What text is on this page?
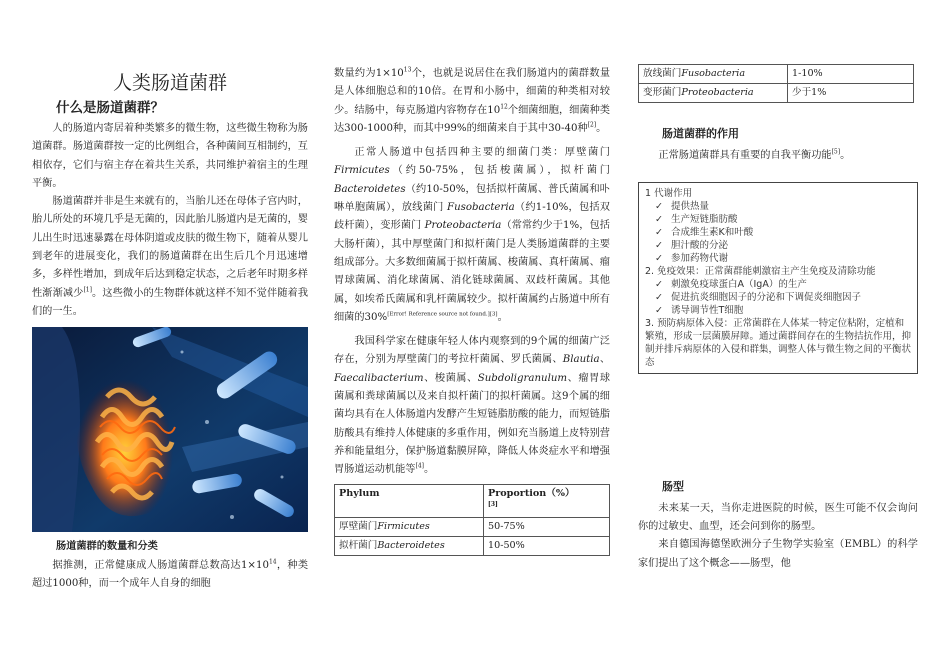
人类肠道菌群
什么是肠道菌群？

人的肠道内寄居着种类繁多的微生物，这些微生物称为肠道菌群。肠道菌群按一定的比例组合，各种菌间互相制约，互相依存，它们与宿主存在着共生关系，共同维护着宿主的生理平衡。

肠道菌群并非是生来就有的，当胎儿还在母体子宫内时，胎儿所处的环境几乎是无菌的，因此胎儿肠道内是无菌的，婴儿出生时迅速暴露在母体阴道或皮肤的微生物下，随着从婴儿到老年的进展变化，我们的肠道菌群在出生后几个月迅速增多，多样性增加，到成年后达到稳定状态，之后老年时期多样性渐渐减少[1]。这些微小的生物群体就这样不知不觉伴随着我们的一生。

肠道菌群的数量和分类

据推测，正常健康成人肠道菌群总数高达$1\times 10^{14}$，种类超过1000种，而一个成年人自身的细胞

数量约为$1\times 10^{13}$个，也就是说居住在我们肠道内的菌群数量是人体细胞总和的10倍。在胃和小肠中，细菌的种类相对较少。结肠中，每克肠道内容物存在$10^{12}$个细菌细胞，细菌种类达300-1000种，而其中99%的细菌来自于其中30-40种[2]。

正常人肠道中包括四种主要的细菌门类：厚壁菌门 Firmicutes（约50-75%，包括梭菌属），拟杆菌门 Bacteroidetes（约10-50%，包括拟杆菌属、普氏菌属和卟啉单胞菌属），放线菌门 Fusobacteria（约1-10%，包括双歧杆菌），变形菌门 Proteobacteria（常常约少于1%，包括大肠杆菌），其中厚壁菌门和拟杆菌门是人类肠道菌群的主要组成部分。大多数细菌属于拟杆菌属、梭菌属、真杆菌属、瘤胃球菌属、消化球菌属、消化链球菌属、双歧杆菌属。其他属，如埃希氏菌属和乳杆菌属较少。拟杆菌属约占肠道中所有细菌的30%[Error! Reference source not found.][3]。

我国科学家在健康年轻人体内观察到的9个属的细菌广泛存在，分别为厚壁菌门的考拉杆菌属、罗氏菌属、Blautia、Faecalibacterium、梭菌属、Subdoligranulum、瘤胃球菌属和粪球菌属以及来自拟杆菌门的拟杆菌属。这9个属的细菌均具有在人体肠道内发酵产生短链脂肪酸的能力，而短链脂肪酸具有维持人体健康的多重作用，例如充当肠道上皮特别营养和能量组分，保护肠道黏膜屏障，降低人体炎症水平和增强胃肠道运动机能等[4]。

Phylum	Proportion（%）
[3]
厚壁菌门Firmicutes	50-75%
拟杆菌门Bacteroidetes	10-50%
放线菌门Fusobacteria	1-10%
变形菌门Proteobacteria	少于1%
肠道菌群的作用

正常肠道菌群具有重要的自我平衡功能[5]。

1 代谢作用
✓ 提供热量
✓ 生产短链脂肪酸
✓ 合成维生素K和叶酸
✓ 胆汁酸的分泌
✓ 参加药物代谢
2. 免疫效果：正常菌群能刺激宿主产生免疫及清除功能
✓ 刺激免疫球蛋白A（IgA）的生产
✓ 促进抗炎细胞因子的分泌和下调促炎细胞因子
✓ 诱导调节性T细胞
3. 预防病原体入侵：正常菌群在人体某一特定位粘附，定植和繁殖，形成一层菌膜屏障。通过菌群间存在的生物拮抗作用，抑制并排斥病原体的入侵和群集，调整人体与微生物之间的平衡状态
肠型

未来某一天，当你走进医院的时候，医生可能不仅会询问你的过敏史、血型，还会问到你的肠型。

来自德国海德堡欧洲分子生物学实验室（EMBL）的科学家们提出了这个概念——肠型，他
